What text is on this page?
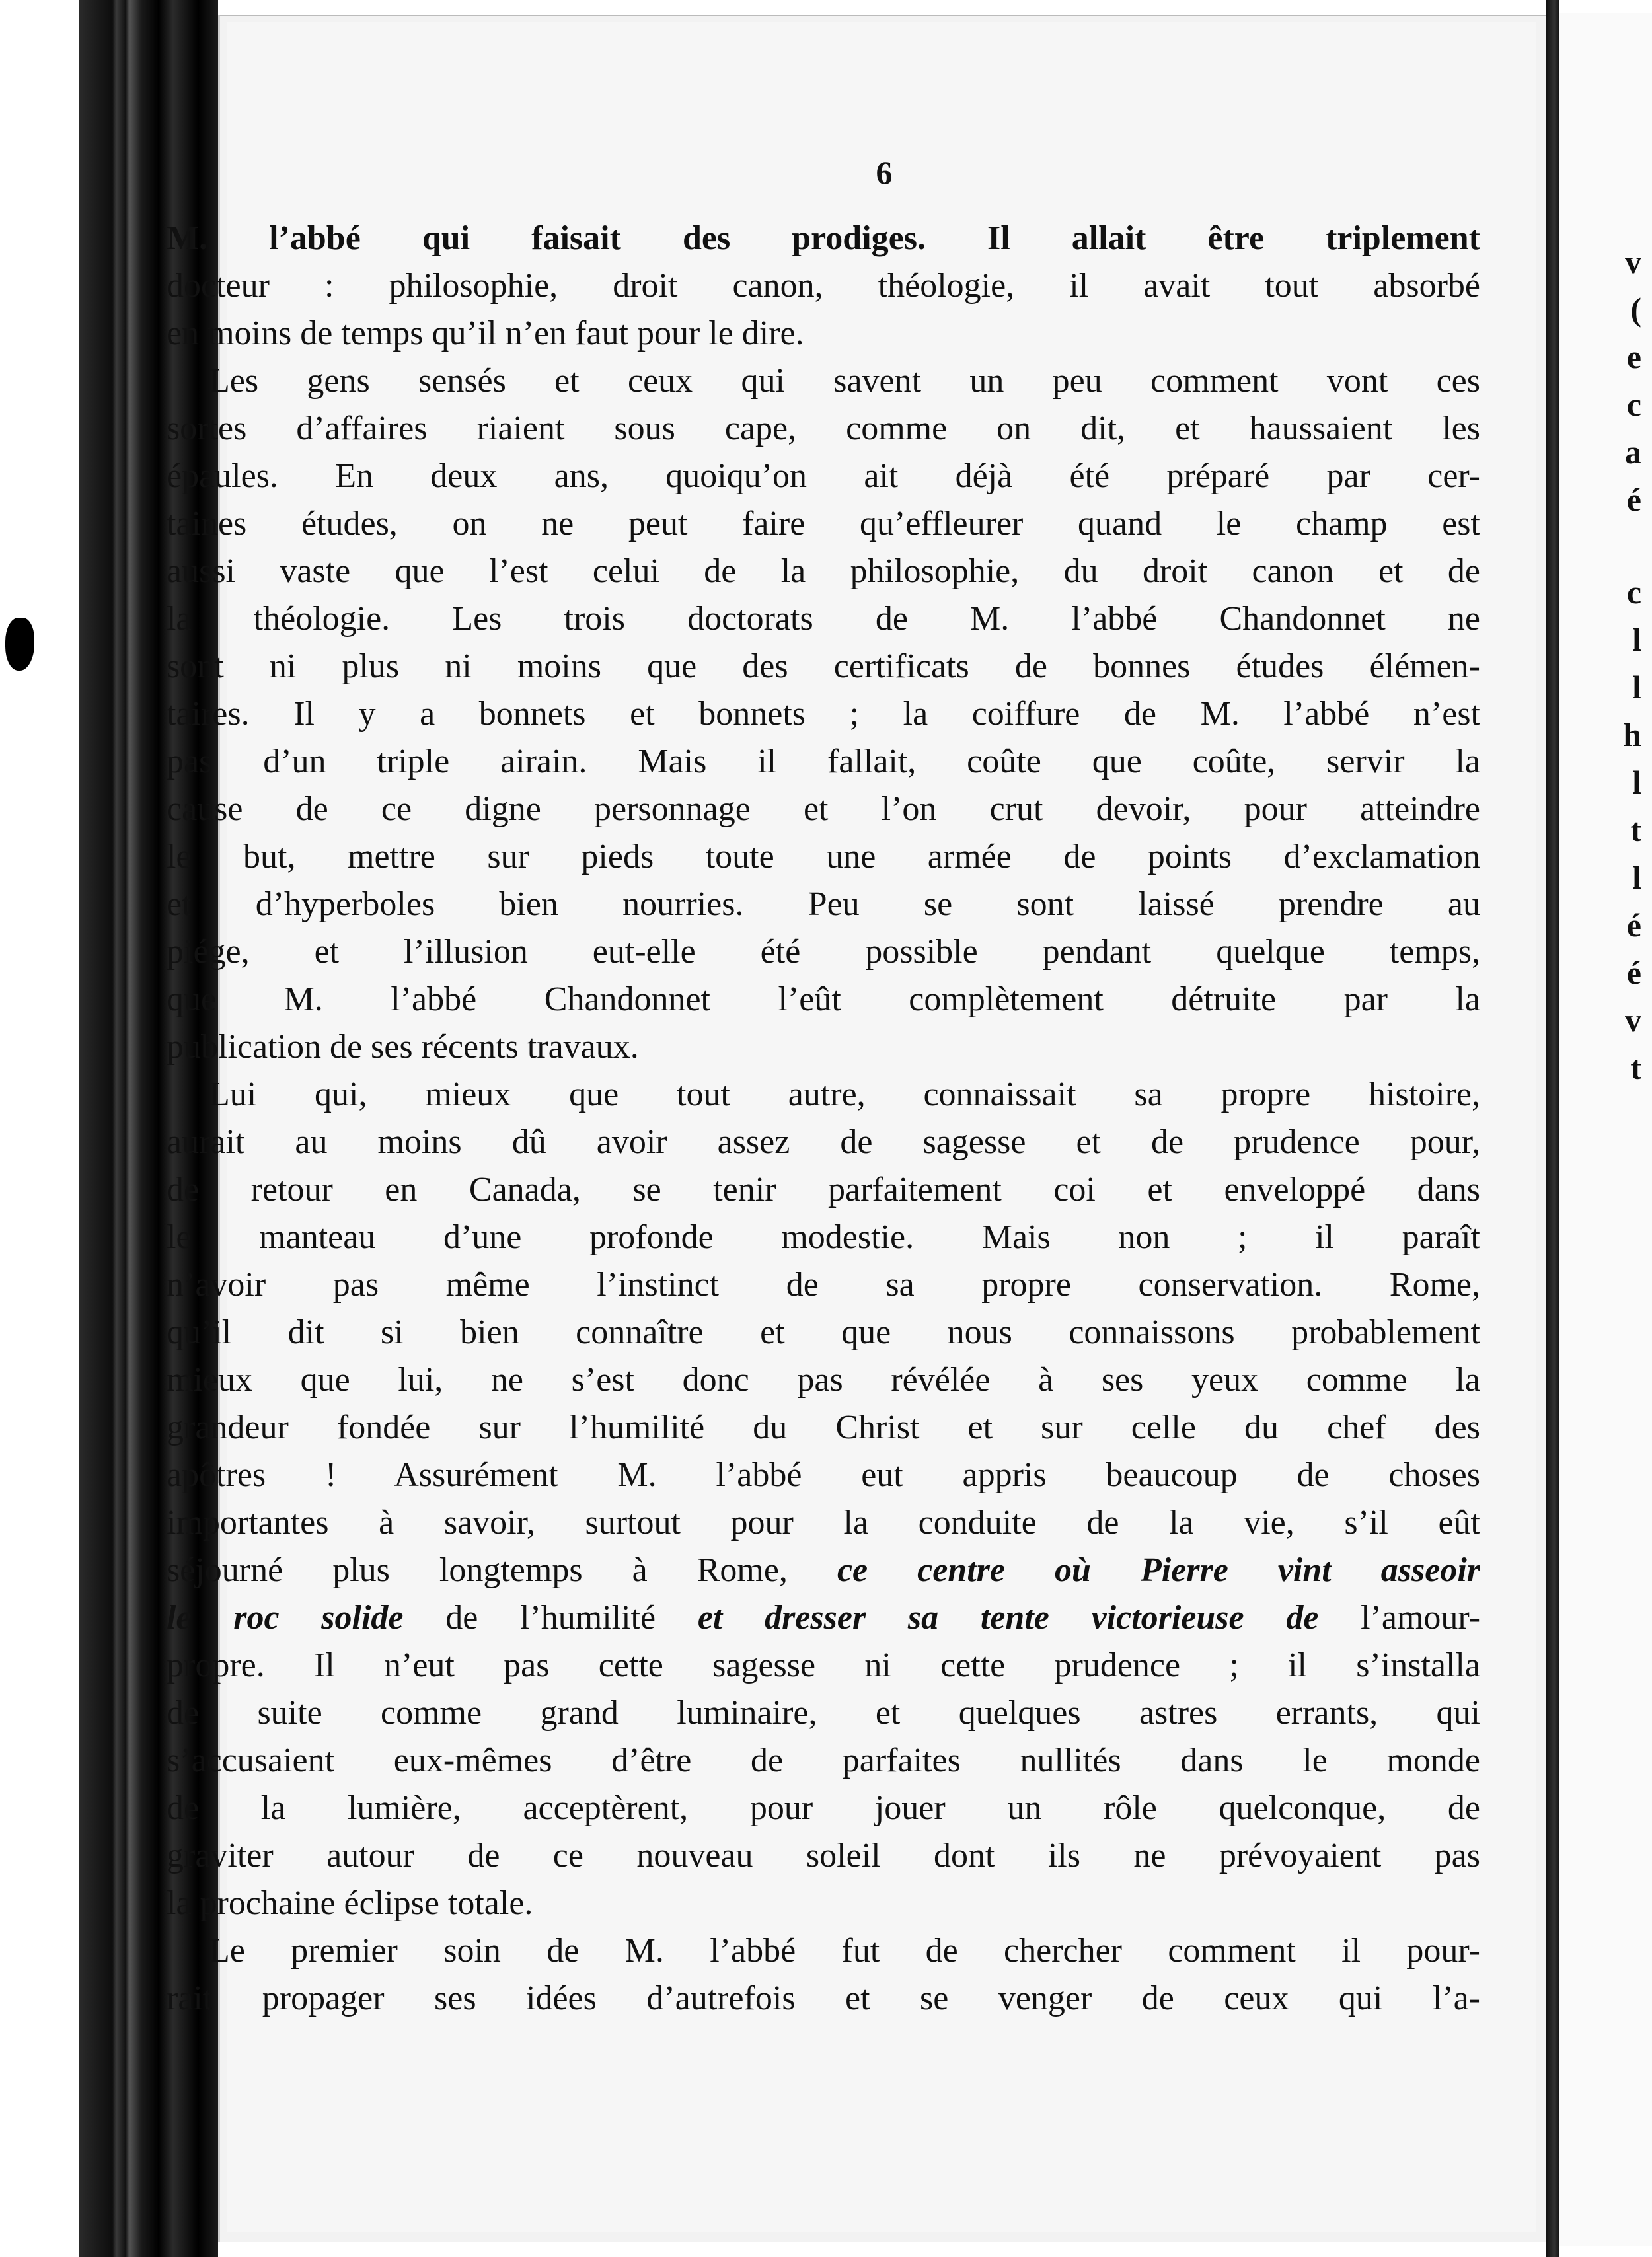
6
M. l’abbé qui faisait des prodiges. Il allait être triplement
docteur : philosophie, droit canon, théologie, il avait tout absorbé
en moins de temps qu’il n’en faut pour le dire.
Les gens sensés et ceux qui savent un peu comment vont ces
sortes d’affaires riaient sous cape, comme on dit, et haussaient les
épaules. En deux ans, quoiqu’on ait déjà été préparé par cer-
taines études, on ne peut faire qu’effleurer quand le champ est
aussi vaste que l’est celui de la philosophie, du droit canon et de
la théologie. Les trois doctorats de M. l’abbé Chandonnet ne
sont ni plus ni moins que des certificats de bonnes études élémen-
taires. Il y a bonnets et bonnets ; la coiffure de M. l’abbé n’est
pas d’un triple airain. Mais il fallait, coûte que coûte, servir la
cause de ce digne personnage et l’on crut devoir, pour atteindre
le but, mettre sur pieds toute une armée de points d’exclamation
et d’hyperboles bien nourries. Peu se sont laissé prendre au
piége, et l’illusion eut-elle été possible pendant quelque temps,
que M. l’abbé Chandonnet l’eût complètement détruite par la
publication de ses récents travaux.
Lui qui, mieux que tout autre, connaissait sa propre histoire,
aurait au moins dû avoir assez de sagesse et de prudence pour,
de retour en Canada, se tenir parfaitement coi et enveloppé dans
le manteau d’une profonde modestie. Mais non ; il paraît
n’avoir pas même l’instinct de sa propre conservation. Rome,
qu’il dit si bien connaître et que nous connaissons probablement
mieux que lui, ne s’est donc pas révélée à ses yeux comme la
grandeur fondée sur l’humilité du Christ et sur celle du chef des
apôtres ! Assurément M. l’abbé eut appris beaucoup de choses
importantes à savoir, surtout pour la conduite de la vie, s’il eût
séjourné plus longtemps à Rome, ce centre où Pierre vint asseoir
le roc solide de l’humilité et dresser sa tente victorieuse de l’amour-
propre. Il n’eut pas cette sagesse ni cette prudence ; il s’installa
de suite comme grand luminaire, et quelques astres errants, qui
s’accusaient eux-mêmes d’être de parfaites nullités dans le monde
de la lumière, acceptèrent, pour jouer un rôle quelconque, de
graviter autour de ce nouveau soleil dont ils ne prévoyaient pas
la prochaine éclipse totale.
Le premier soin de M. l’abbé fut de chercher comment il pour-
rait propager ses idées d’autrefois et se venger de ceux qui l’a-
v
(
e
c
a
é
c
l
l
h
l
t
l
é
é
v
t
